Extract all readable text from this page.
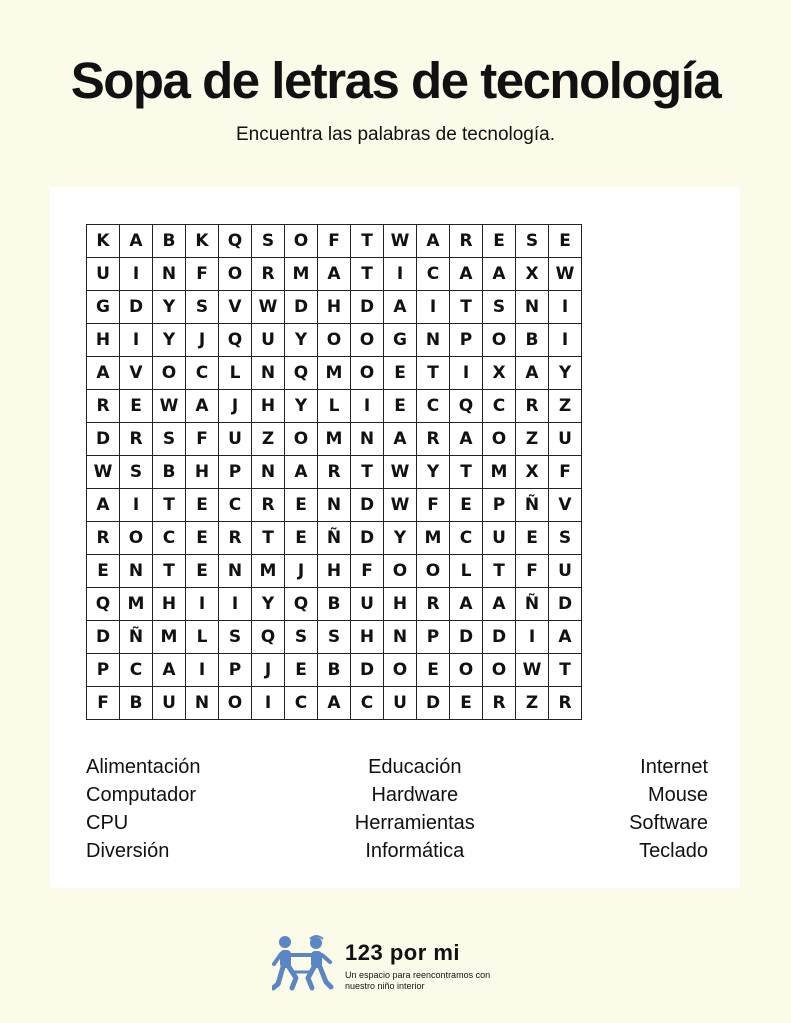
Sopa de letras de tecnología
Encuentra las palabras de tecnología.
K	A	B	K	Q	S	O	F	T	W	A	R	E	S	E
U	I	N	F	O	R	M	A	T	I	C	A	A	X	W
G	D	Y	S	V	W	D	H	D	A	I	T	S	N	I
H	I	Y	J	Q	U	Y	O	O	G	N	P	O	B	I
A	V	O	C	L	N	Q	M	O	E	T	I	X	A	Y
R	E	W	A	J	H	Y	L	I	E	C	Q	C	R	Z
D	R	S	F	U	Z	O	M	N	A	R	A	O	Z	U
W	S	B	H	P	N	A	R	T	W	Y	T	M	X	F
A	I	T	E	C	R	E	N	D	W	F	E	P	Ñ	V
R	O	C	E	R	T	E	Ñ	D	Y	M	C	U	E	S
E	N	T	E	N	M	J	H	F	O	O	L	T	F	U
Q	M	H	I	I	Y	Q	B	U	H	R	A	A	Ñ	D
D	Ñ	M	L	S	Q	S	S	H	N	P	D	D	I	A
P	C	A	I	P	J	E	B	D	O	E	O	O	W	T
F	B	U	N	O	I	C	A	C	U	D	E	R	Z	R
Alimentación
Computador
CPU
Diversión
Educación
Hardware
Herramientas
Informática
Internet
Mouse
Software
Teclado
123 por mi
Un espacio para reencontramos con nuestro niño interior
